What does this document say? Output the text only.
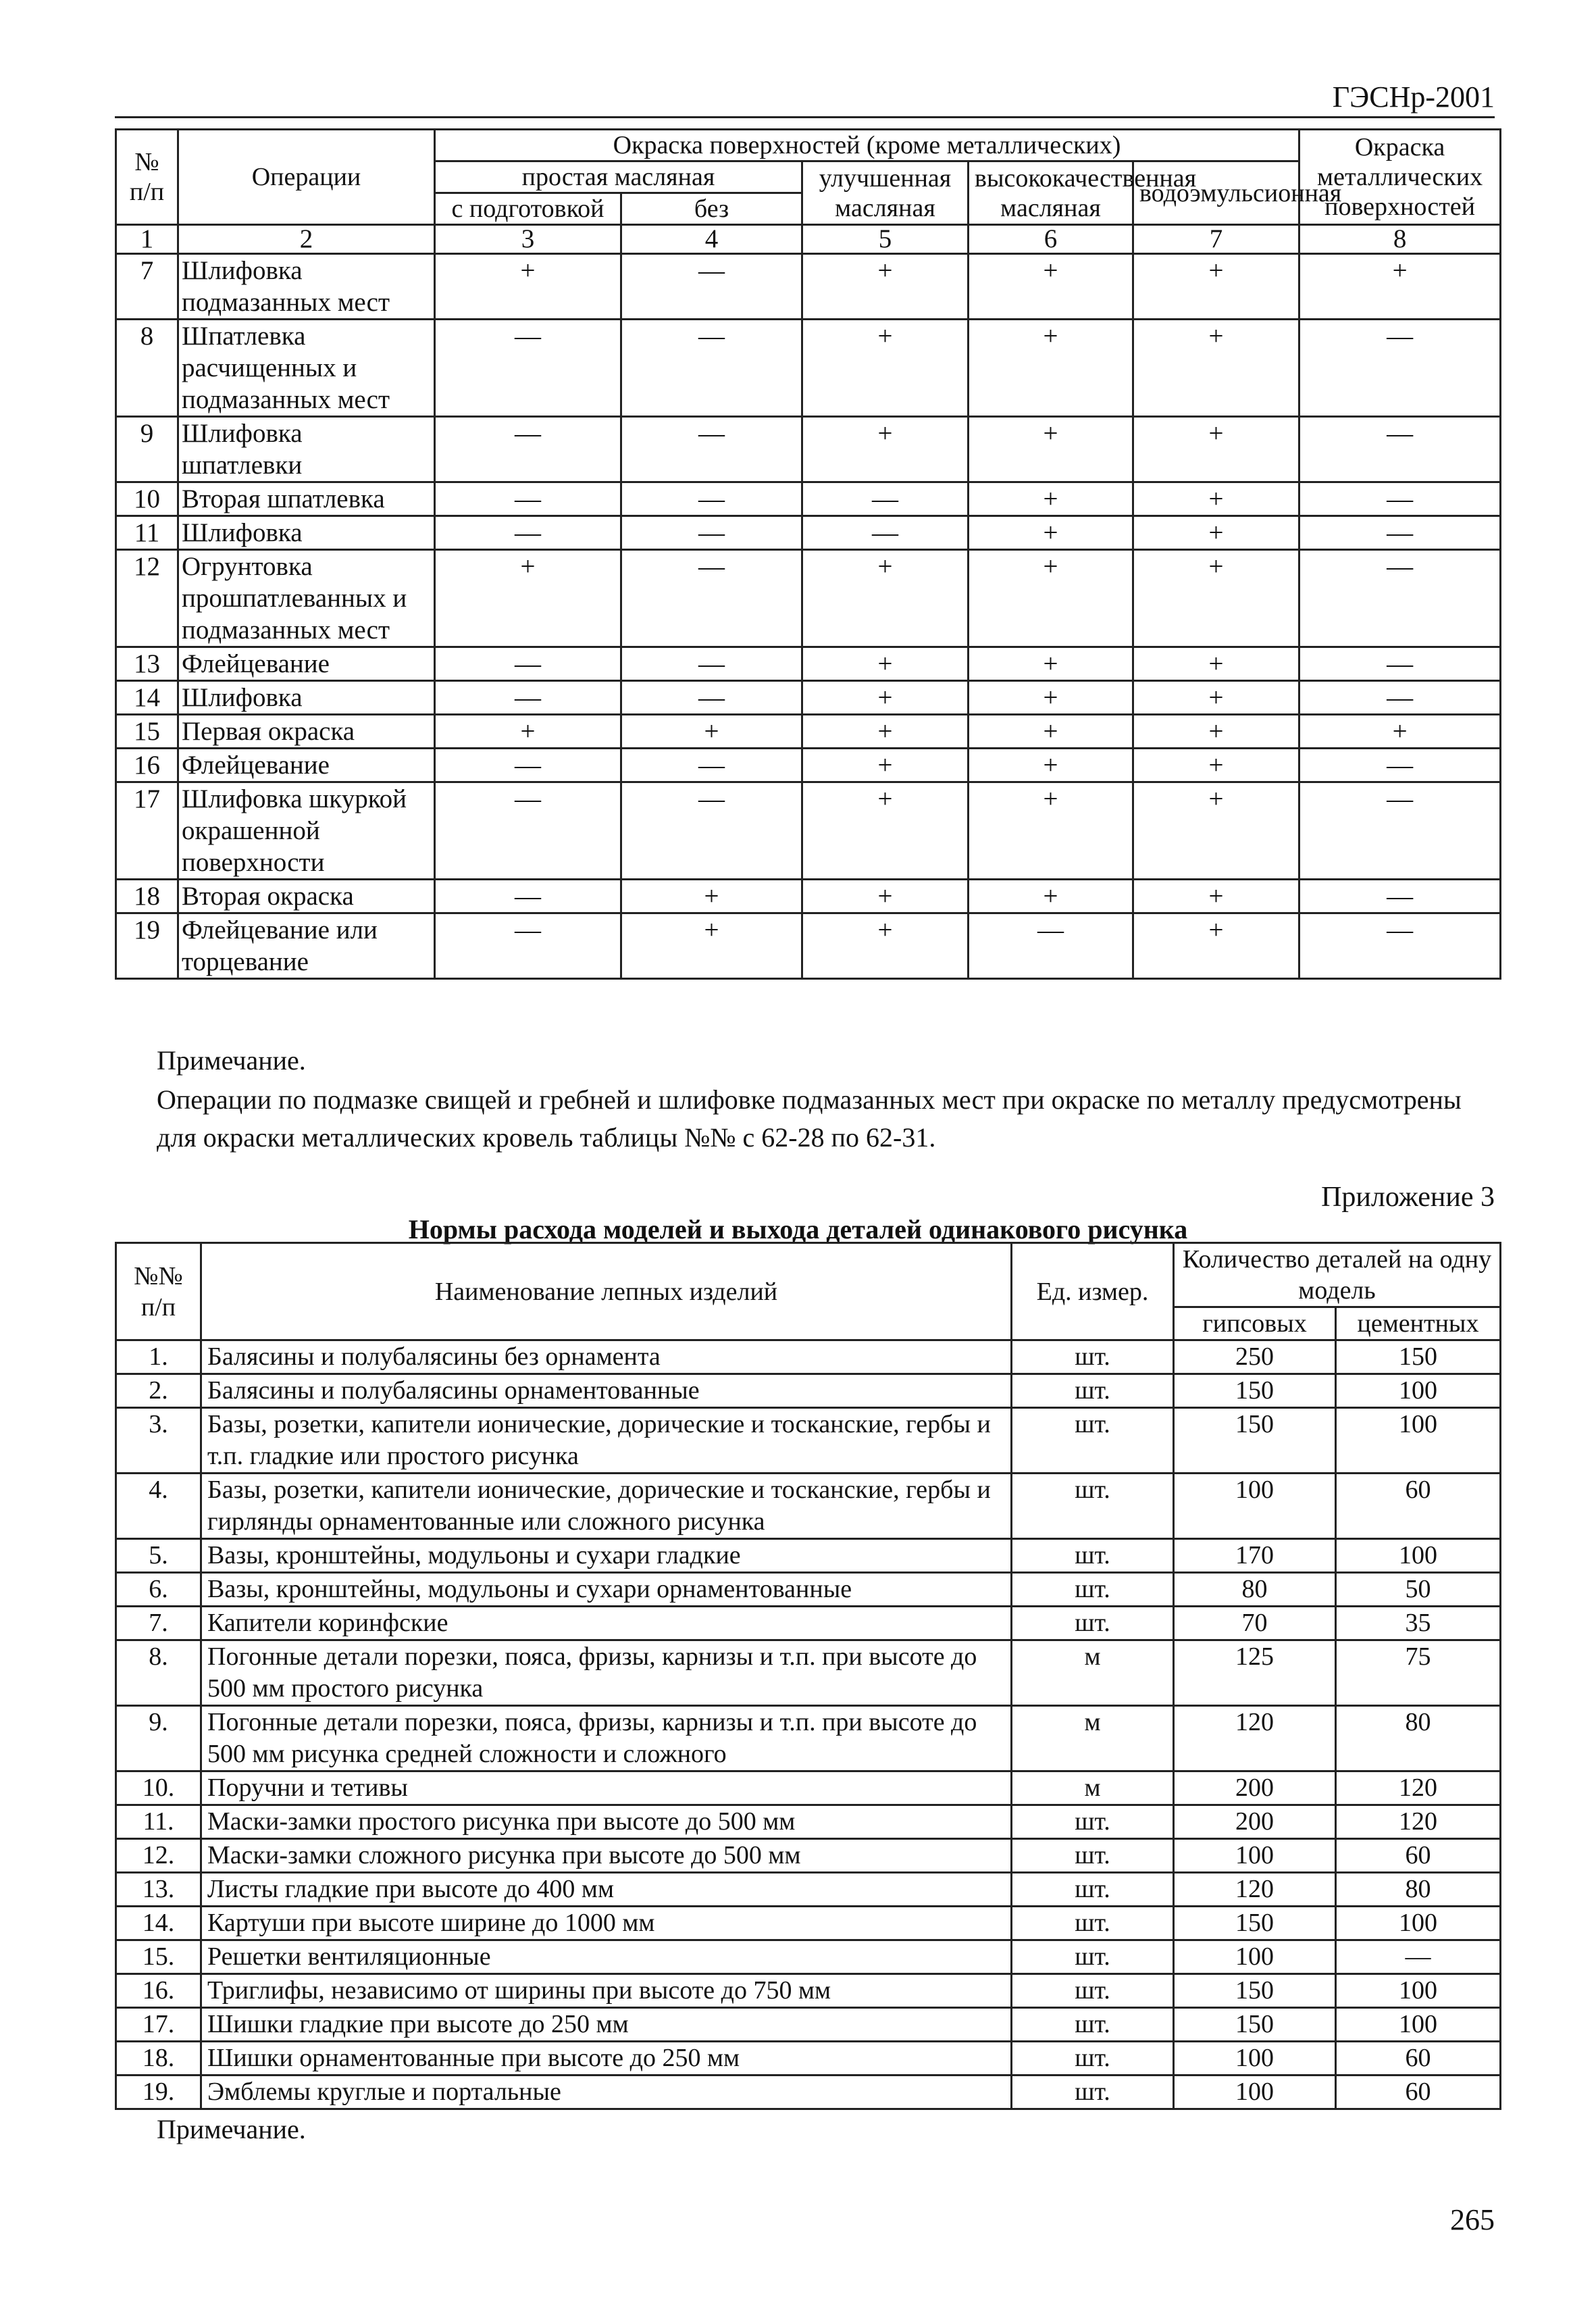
ГЭСНр-2001
№ п/п	Операции	Окраска поверхностей (кроме металлических)					Окраска металлических поверхностей
		простая масляная		улучшенная масляная	высококачественная масляная	водоэмульсионная	
		с подготовкой	без				
1	2	3	4	5	6	7	8
7	Шлифовка подмазанных мест	+	—	+	+	+	+
8	Шпатлевка расчищенных и подмазанных мест	—	—	+	+	+	—
9	Шлифовка шпатлевки	—	—	+	+	+	—
10	Вторая шпатлевка	—	—	—	+	+	—
11	Шлифовка	—	—	—	+	+	—
12	Огрунтовка прошпатлеванных и подмазанных мест	+	—	+	+	+	—
13	Флейцевание	—	—	+	+	+	—
14	Шлифовка	—	—	+	+	+	—
15	Первая окраска	+	+	+	+	+	+
16	Флейцевание	—	—	+	+	+	—
17	Шлифовка шкуркой окрашенной поверхности	—	—	+	+	+	—
18	Вторая окраска	—	+	+	+	+	—
19	Флейцевание или торцевание	—	+	+	—	+	—
Примечание.
Операции по подмазке свищей и гребней и шлифовке подмазанных мест при окраске по металлу предусмотрены для окраски металлических кровель таблицы №№ с 62-28 по 62-31.
Приложение 3
Нормы расхода моделей и выхода деталей одинакового рисунка
№№ п/п	Наименование лепных изделий	Ед. измер.	Количество деталей на одну модель	
			гипсовых	цементных
1.	Балясины и полубалясины без орнамента	шт.	250	150
2.	Балясины и полубалясины орнаментованные	шт.	150	100
3.	Базы, розетки, капители ионические, дорические и тосканские, гербы и т.п. гладкие или простого рисунка	шт.	150	100
4.	Базы, розетки, капители ионические, дорические и тосканские, гербы и гирлянды орнаментованные или сложного рисунка	шт.	100	60
5.	Вазы, кронштейны, модульоны и сухари гладкие	шт.	170	100
6.	Вазы, кронштейны, модульоны и сухари орнаментованные	шт.	80	50
7.	Капители коринфские	шт.	70	35
8.	Погонные детали порезки, пояса, фризы, карнизы и т.п. при высоте до 500 мм простого рисунка	м	125	75
9.	Погонные детали порезки, пояса, фризы, карнизы и т.п. при высоте до 500 мм рисунка средней сложности и сложного	м	120	80
10.	Поручни и тетивы	м	200	120
11.	Маски-замки простого рисунка при высоте до 500 мм	шт.	200	120
12.	Маски-замки сложного рисунка при высоте до 500 мм	шт.	100	60
13.	Листы гладкие при высоте до 400 мм	шт.	120	80
14.	Картуши при высоте ширине до 1000 мм	шт.	150	100
15.	Решетки вентиляционные	шт.	100	—
16.	Триглифы, независимо от ширины при высоте до 750 мм	шт.	150	100
17.	Шишки гладкие при высоте до 250 мм	шт.	150	100
18.	Шишки орнаментованные при высоте до 250 мм	шт.	100	60
19.	Эмблемы круглые и портальные	шт.	100	60
Примечание.
265
